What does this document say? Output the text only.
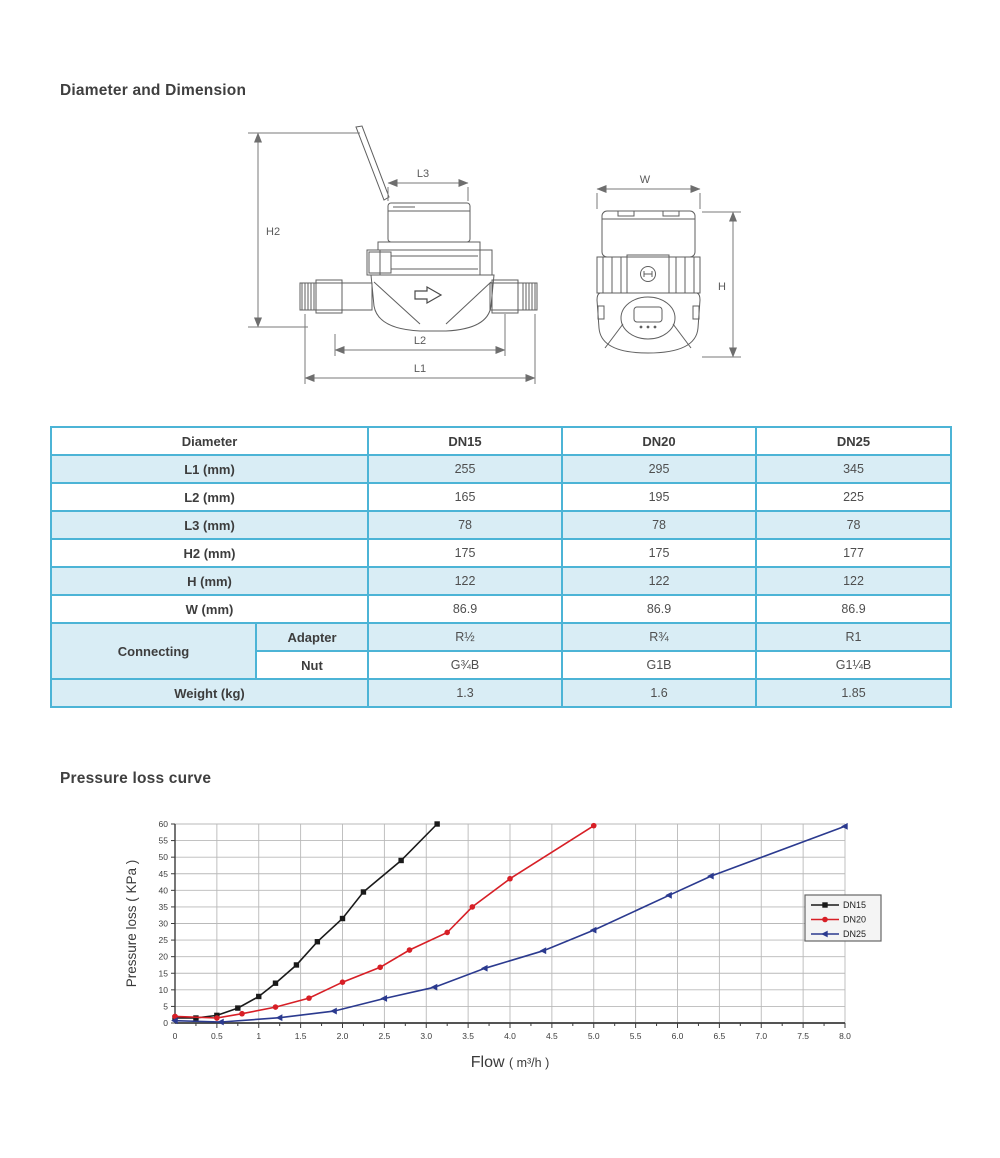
Diameter and Dimension
H2
L3
L2
L1
W
H
Diameter		DN15	DN20	DN25
L1 (mm)		255	295	345
L2 (mm)		165	195	225
L3 (mm)		78	78	78
H2 (mm)		175	175	177
H (mm)		122	122	122
W (mm)		86.9	86.9	86.9
Connecting	Adapter	R½	R¾	R1
	Nut	G¾B	G1B	G1¼B
Weight (kg)		1.3	1.6	1.85
Pressure loss curve
0
5
10
15
20
25
30
35
40
45
50
55
60
0	0.5	1	1.5	2.0	2.5	3.0	3.5	4.0	4.5	5.0	5.5	6.0	6.5	7.0	7.5	8.0
Pressure loss ( KPa )
Flow ( m³/h )
DN15
DN20
DN25
